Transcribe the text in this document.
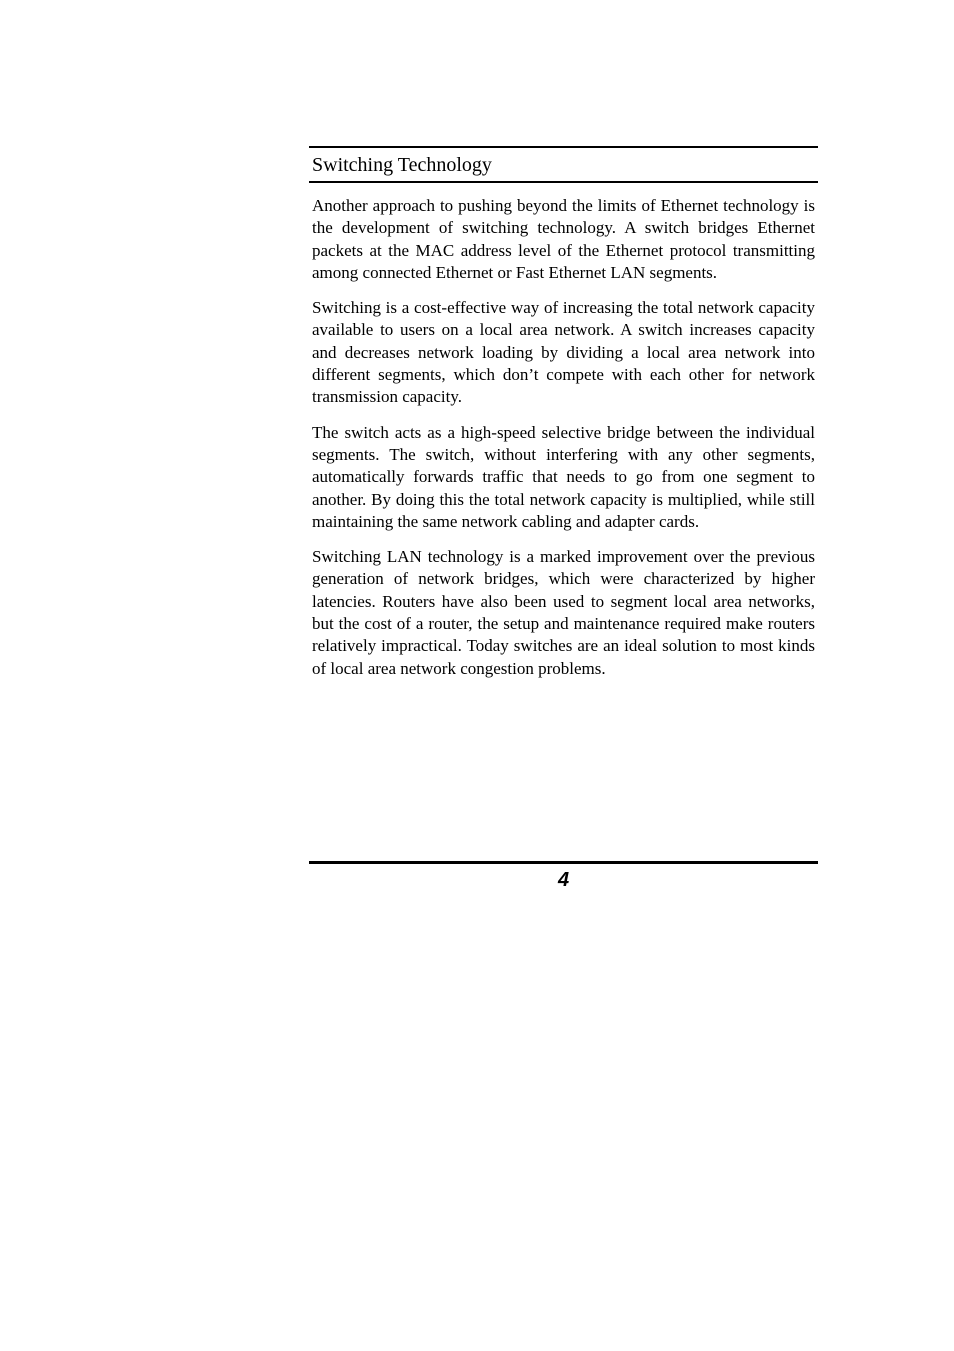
Switching Technology

Another approach to pushing beyond the limits of Ethernet technology is the development of switching technology. A switch bridges Ethernet packets at the MAC address level of the Ethernet protocol transmitting among connected Ethernet or Fast Ethernet LAN segments.

Switching is a cost-effective way of increasing the total network capacity available to users on a local area network. A switch increases capacity and decreases network loading by dividing a local area network into different segments, which don’t compete with each other for network transmission capacity.

The switch acts as a high-speed selective bridge between the individual segments. The switch, without interfering with any other segments, automatically forwards traffic that needs to go from one segment to another. By doing this the total network capacity is multiplied, while still maintaining the same network cabling and adapter cards.

Switching LAN technology is a marked improvement over the previous generation of network bridges, which were characterized by higher latencies. Routers have also been used to segment local area networks, but the cost of a router, the setup and maintenance required make routers relatively impractical. Today switches are an ideal solution to most kinds of local area network congestion problems.

4
